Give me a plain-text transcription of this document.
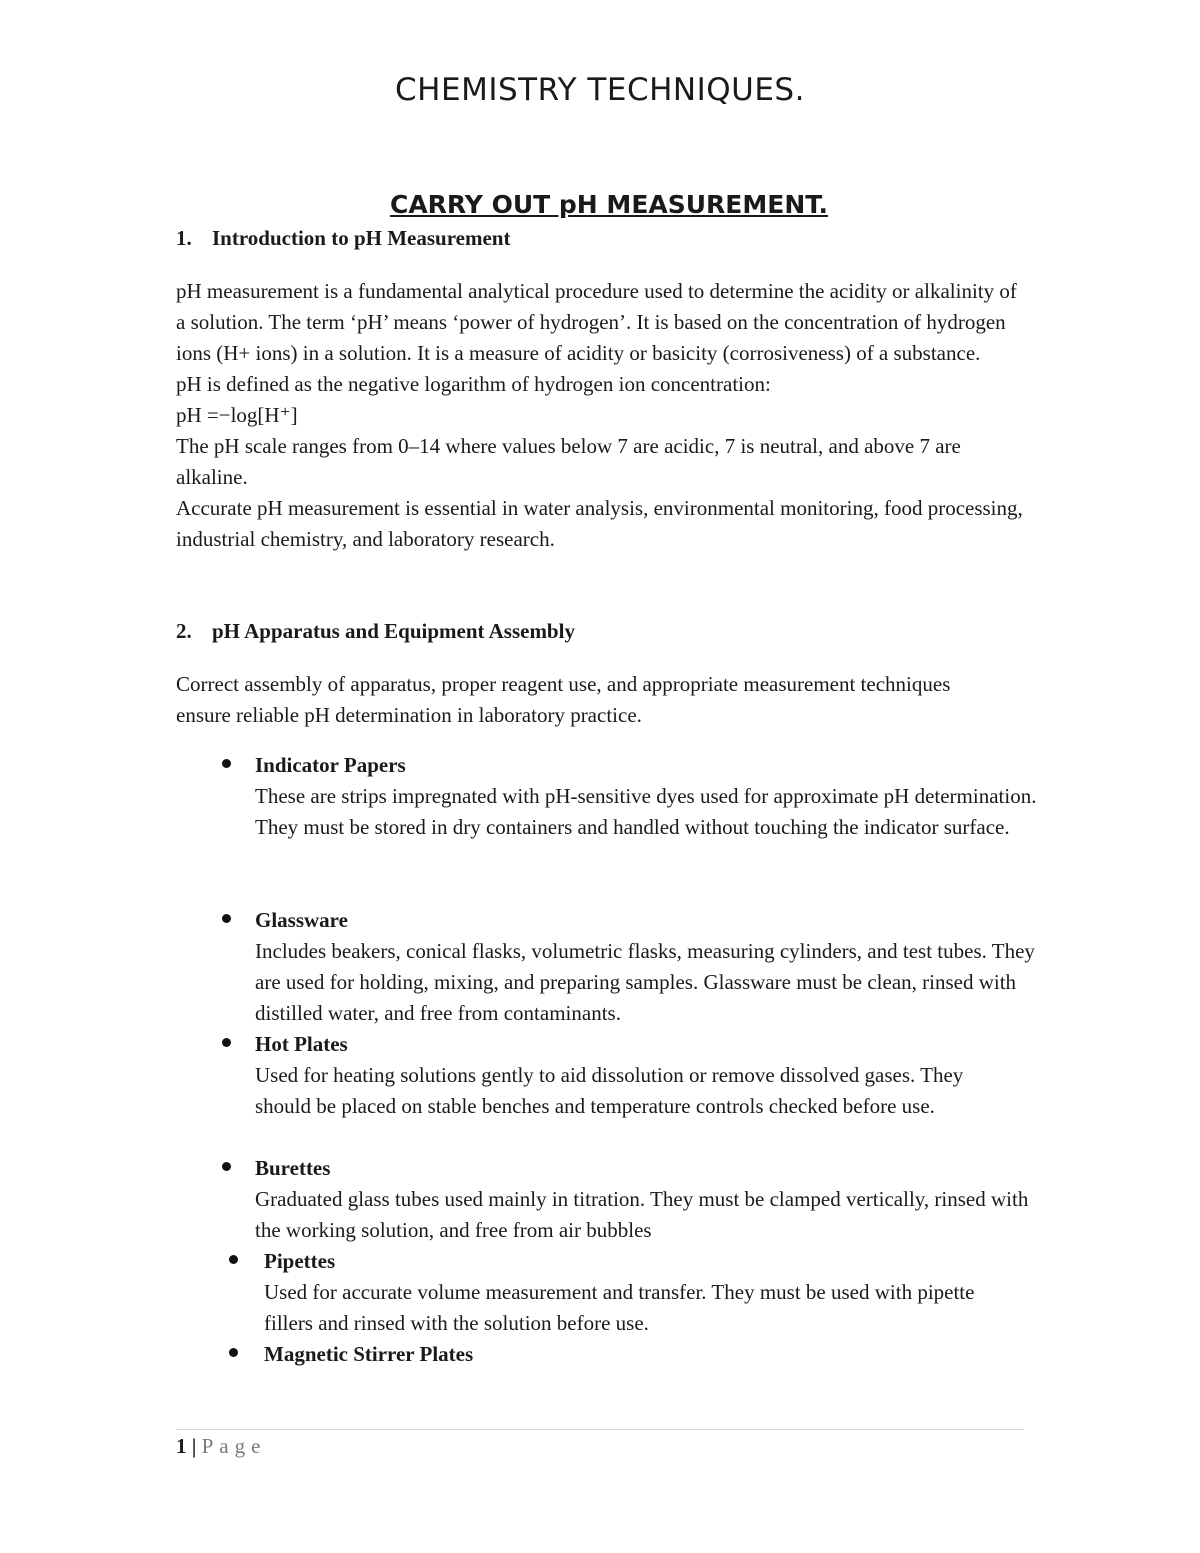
CHEMISTRY TECHNIQUES.
CARRY OUT pH MEASUREMENT.
1. Introduction to pH Measurement
pH measurement is a fundamental analytical procedure used to determine the acidity or alkalinity of a solution. The term ‘pH’ means ‘power of hydrogen’. It is based on the concentration of hydrogen ions (H+ ions) in a solution. It is a measure of acidity or basicity (corrosiveness) of a substance.
pH is defined as the negative logarithm of hydrogen ion concentration:
pH =−log[H⁺]
The pH scale ranges from 0–14 where values below 7 are acidic, 7 is neutral, and above 7 are alkaline.
Accurate pH measurement is essential in water analysis, environmental monitoring, food processing, industrial chemistry, and laboratory research.
2. pH Apparatus and Equipment Assembly
Correct assembly of apparatus, proper reagent use, and appropriate measurement techniques ensure reliable pH determination in laboratory practice.
Indicator Papers
These are strips impregnated with pH-sensitive dyes used for approximate pH determination.
They must be stored in dry containers and handled without touching the indicator surface.
Glassware
Includes beakers, conical flasks, volumetric flasks, measuring cylinders, and test tubes. They are used for holding, mixing, and preparing samples. Glassware must be clean, rinsed with distilled water, and free from contaminants.
Hot Plates
Used for heating solutions gently to aid dissolution or remove dissolved gases. They should be placed on stable benches and temperature controls checked before use.
Burettes
Graduated glass tubes used mainly in titration. They must be clamped vertically, rinsed with the working solution, and free from air bubbles
Pipettes
Used for accurate volume measurement and transfer. They must be used with pipette fillers and rinsed with the solution before use.
Magnetic Stirrer Plates
1 | Page
